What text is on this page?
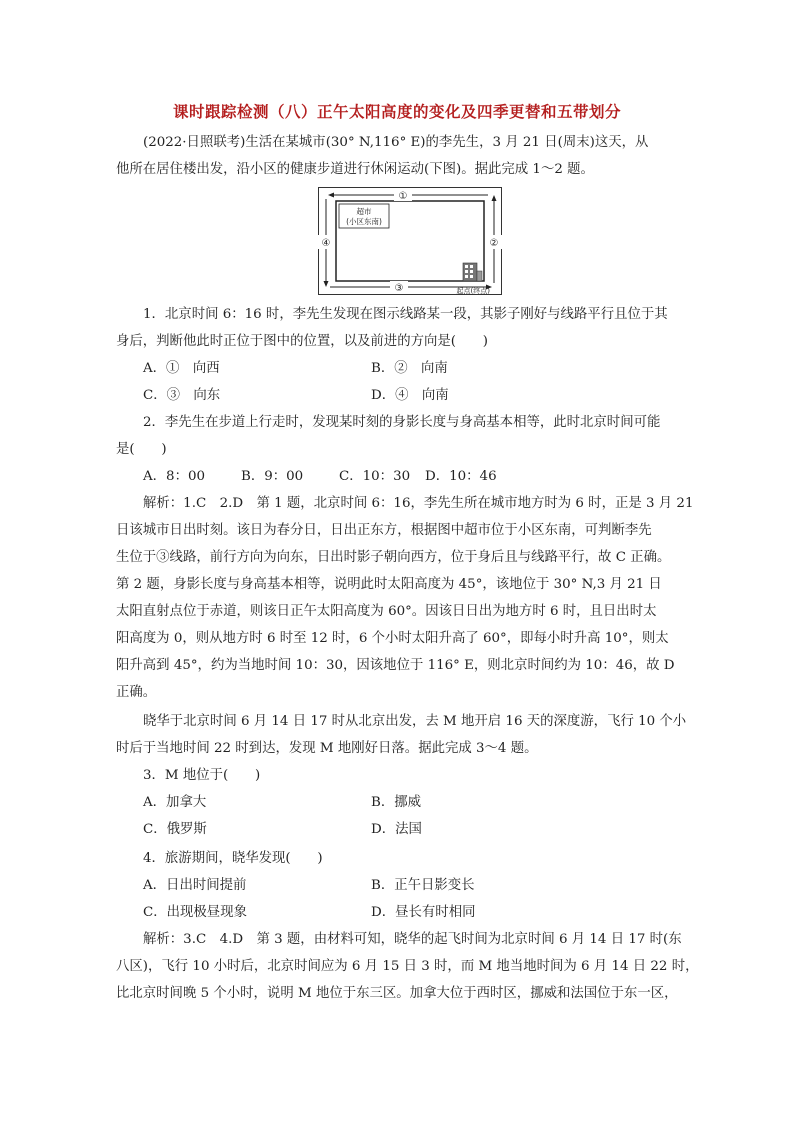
课时跟踪检测（八）正午太阳高度的变化及四季更替和五带划分
(2022·日照联考)生活在某城市(30° N,116° E)的李先生，3 月 21 日(周末)这天，从
他所在居住楼出发，沿小区的健康步道进行休闲运动(下图)。据此完成 1～2 题。
①
②
③
④
超市
(小区东南)
起点(终点)
1．北京时间 6：16 时，李先生发现在图示线路某一段，其影子刚好与线路平行且位于其
身后，判断他此时正位于图中的位置，以及前进的方向是(　　)
A．①　向西	B．②　向南
C．③　向东	D．④　向南
2．李先生在步道上行走时，发现某时刻的身影长度与身高基本相等，此时北京时间可能
是(　　)
A．8：00	B．9：00	C．10：30 D．10：46
解析：1.C　2.D　第 1 题，北京时间 6：16，李先生所在城市地方时为 6 时，正是 3 月 21
日该城市日出时刻。该日为春分日，日出正东方，根据图中超市位于小区东南，可判断李先
生位于③线路，前行方向为向东，日出时影子朝向西方，位于身后且与线路平行，故 C 正确。
第 2 题，身影长度与身高基本相等，说明此时太阳高度为 45°，该地位于 30° N,3 月 21 日
太阳直射点位于赤道，则该日正午太阳高度为 60°。因该日日出为地方时 6 时，且日出时太
阳高度为 0，则从地方时 6 时至 12 时，6 个小时太阳升高了 60°，即每小时升高 10°，则太
阳升高到 45°，约为当地时间 10：30，因该地位于 116° E，则北京时间约为 10：46，故 D
正确。
晓华于北京时间 6 月 14 日 17 时从北京出发，去 M 地开启 16 天的深度游，飞行 10 个小
时后于当地时间 22 时到达，发现 M 地刚好日落。据此完成 3～4 题。
3．M 地位于(　　)
A．加拿大	B．挪威
C．俄罗斯	D．法国
4．旅游期间，晓华发现(　　)
A．日出时间提前	B．正午日影变长
C．出现极昼现象	D．昼长有时相同
解析：3.C　4.D　第 3 题，由材料可知，晓华的起飞时间为北京时间 6 月 14 日 17 时(东
八区)，飞行 10 小时后，北京时间应为 6 月 15 日 3 时，而 M 地当地时间为 6 月 14 日 22 时，
比北京时间晚 5 个小时，说明 M 地位于东三区。加拿大位于西时区，挪威和法国位于东一区，
